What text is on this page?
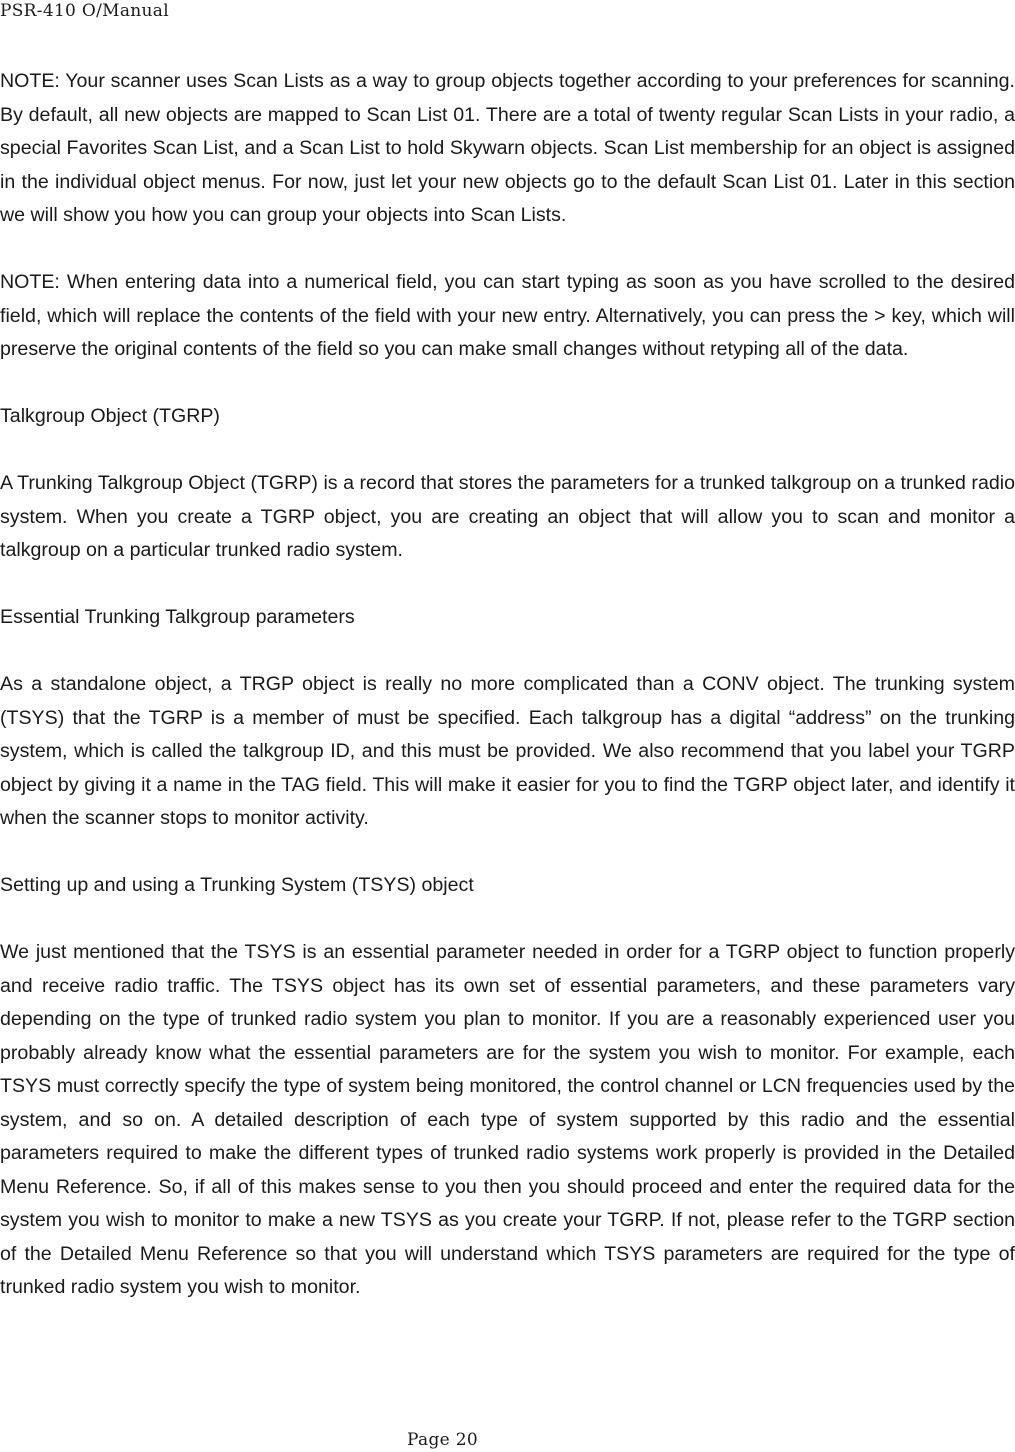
PSR-410 O/Manual

NOTE: Your scanner uses Scan Lists as a way to group objects together according to your preferences for scanning. By default, all new objects are mapped to Scan List 01. There are a total of twenty regular Scan Lists in your radio, a special Favorites Scan List, and a Scan List to hold Skywarn objects. Scan List membership for an object is assigned in the individual object menus. For now, just let your new objects go to the default Scan List 01. Later in this section we will show you how you can group your objects into Scan Lists.

NOTE: When entering data into a numerical field, you can start typing as soon as you have scrolled to the desired field, which will replace the contents of the field with your new entry. Alternatively, you can press the > key, which will preserve the original contents of the field so you can make small changes without retyping all of the data.

Talkgroup Object (TGRP)

A Trunking Talkgroup Object (TGRP) is a record that stores the parameters for a trunked talkgroup on a trunked radio system. When you create a TGRP object, you are creating an object that will allow you to scan and monitor a talkgroup on a particular trunked radio system.

Essential Trunking Talkgroup parameters

As a standalone object, a TRGP object is really no more complicated than a CONV object. The trunking system (TSYS) that the TGRP is a member of must be specified. Each talkgroup has a digital “address” on the trunking system, which is called the talkgroup ID, and this must be provided. We also recommend that you label your TGRP object by giving it a name in the TAG field. This will make it easier for you to find the TGRP object later, and identify it when the scanner stops to monitor activity.

Setting up and using a Trunking System (TSYS) object

We just mentioned that the TSYS is an essential parameter needed in order for a TGRP object to function properly and receive radio traffic. The TSYS object has its own set of essential parameters, and these parameters vary depending on the type of trunked radio system you plan to monitor. If you are a reasonably experienced user you probably already know what the essential parameters are for the system you wish to monitor. For example, each TSYS must correctly specify the type of system being monitored, the control channel or LCN frequencies used by the system, and so on. A detailed description of each type of system supported by this radio and the essential parameters required to make the different types of trunked radio systems work properly is provided in the Detailed Menu Reference. So, if all of this makes sense to you then you should proceed and enter the required data for the system you wish to monitor to make a new TSYS as you create your TGRP. If not, please refer to the TGRP section of the Detailed Menu Reference so that you will understand which TSYS parameters are required for the type of trunked radio system you wish to monitor.

Page 20
